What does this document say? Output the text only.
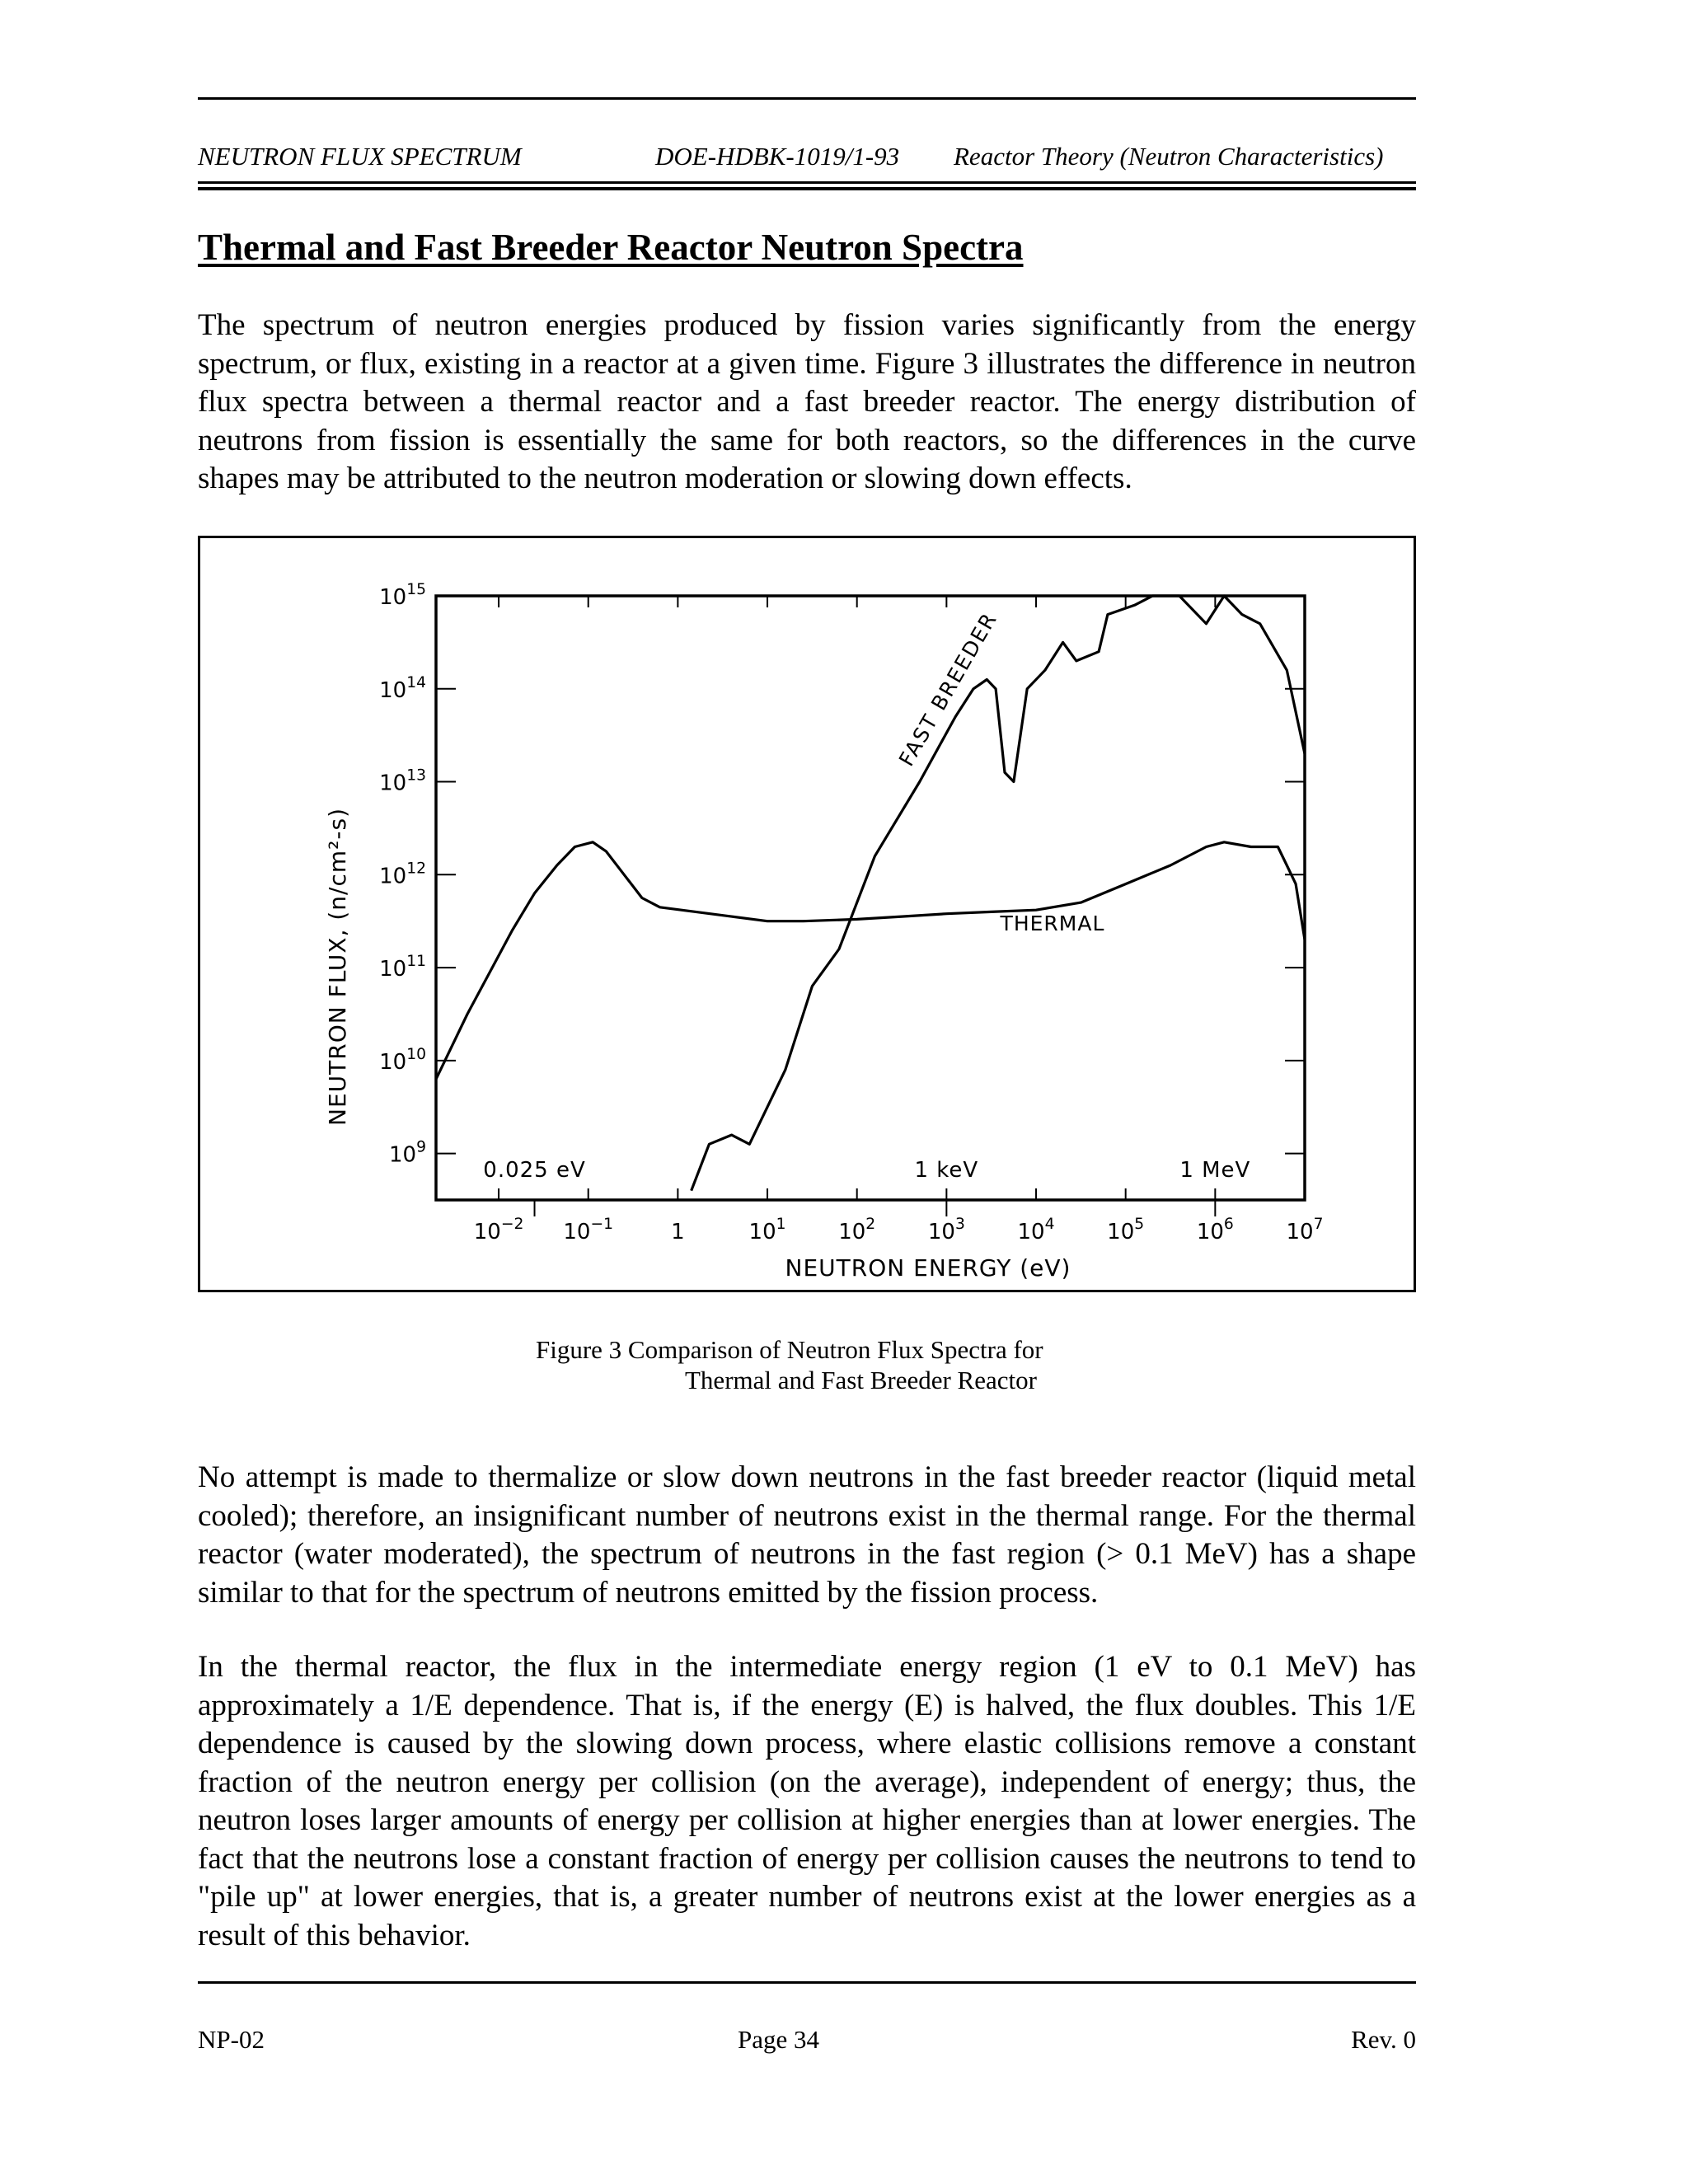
NEUTRON FLUX SPECTRUM	DOE-HDBK-1019/1-93 Reactor Theory (Neutron Characteristics)
Thermal and Fast Breeder Reactor Neutron Spectra

The spectrum of neutron energies produced by fission varies significantly from the energy spectrum, or flux, existing in a reactor at a given time. Figure 3 illustrates the difference in neutron flux spectra between a thermal reactor and a fast breeder reactor. The energy distribution of neutrons from fission is essentially the same for both reactors, so the differences in the curve shapes may be attributed to the neutron moderation or slowing down effects.

$10^9$
$10^{10}$
$10^{11}$
$10^{12}$
$10^{13}$
$10^{14}$
$10^{15}$
$10^{-2}$ $10^{-1}$	1	$10^1$ $10^2$ $10^3$ $10^4$ $10^5$ $10^6$ $10^7$
0.025 eV	1 keV	1 MeV
THERMAL
FAST BREEDER
NEUTRON ENERGY (eV)
NEUTRON FLUX, (n/cm²-s)
Figure 3 Comparison of Neutron Flux Spectra for
Thermal and Fast Breeder Reactor

No attempt is made to thermalize or slow down neutrons in the fast breeder reactor (liquid metal cooled); therefore, an insignificant number of neutrons exist in the thermal range. For the thermal reactor (water moderated), the spectrum of neutrons in the fast region (> 0.1 MeV) has a shape similar to that for the spectrum of neutrons emitted by the fission process.

In the thermal reactor, the flux in the intermediate energy region (1 eV to 0.1 MeV) has approximately a 1/E dependence. That is, if the energy (E) is halved, the flux doubles. This 1/E dependence is caused by the slowing down process, where elastic collisions remove a constant fraction of the neutron energy per collision (on the average), independent of energy; thus, the neutron loses larger amounts of energy per collision at higher energies than at lower energies. The fact that the neutrons lose a constant fraction of energy per collision causes the neutrons to tend to "pile up" at lower energies, that is, a greater number of neutrons exist at the lower energies as a result of this behavior.

NP-02	Page 34	Rev. 0
